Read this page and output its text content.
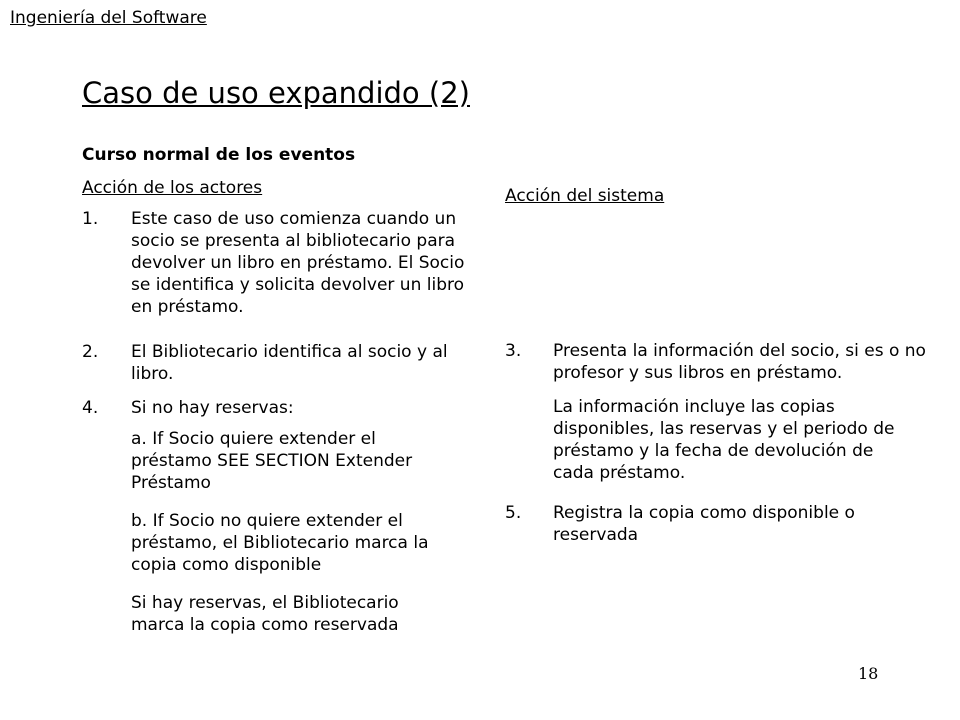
Ingeniería del Software
Caso de uso expandido (2)
Curso normal de los eventos
Acción de los actores
1. Este caso de uso comienza cuando un socio se presenta al bibliotecario para devolver un libro en préstamo. El Socio se identifica y solicita devolver un libro en préstamo.
2. El Bibliotecario identifica al socio y al libro.
4. Si no hay reservas:
a. If Socio quiere extender el préstamo SEE SECTION Extender Préstamo
b. If Socio no quiere extender el préstamo, el Bibliotecario marca la copia como disponible
Si hay reservas, el Bibliotecario marca la copia como reservada
Acción del sistema
3. Presenta la información del socio, si es o no profesor y sus libros en préstamo.
La información incluye las copias disponibles, las reservas y el periodo de préstamo y la fecha de devolución de cada préstamo.
5. Registra la copia como disponible o reservada
18
